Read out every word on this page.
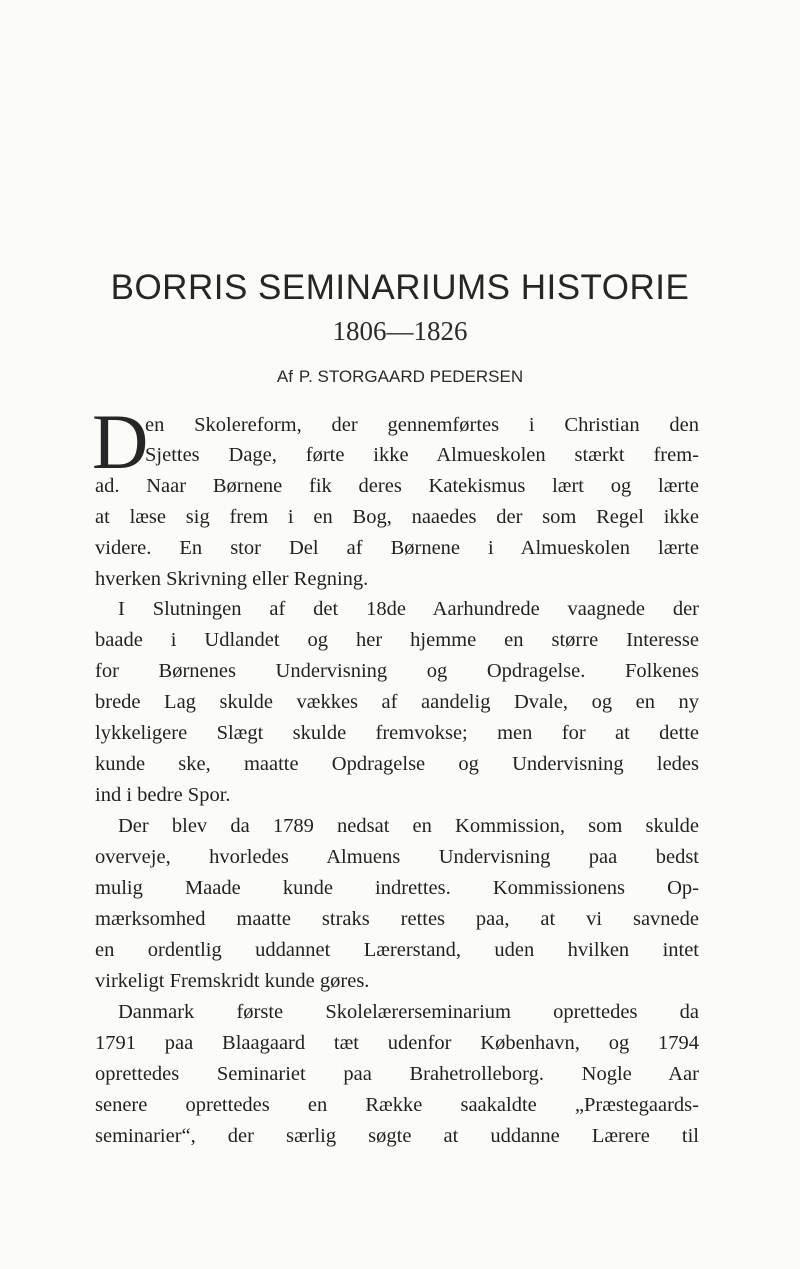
BORRIS SEMINARIUMS HISTORIE
1806—1826
Af P. STORGAARD PEDERSEN
D
en Skolereform, der gennemførtes i Christian den
Sjettes Dage, førte ikke Almueskolen stærkt frem-
ad. Naar Børnene fik deres Katekismus lært og lærte
at læse sig frem i en Bog, naaedes der som Regel ikke
videre. En stor Del af Børnene i Almueskolen lærte
hverken Skrivning eller Regning.
I Slutningen af det 18de Aarhundrede vaagnede der
baade i Udlandet og her hjemme en større Interesse
for Børnenes Undervisning og Opdragelse. Folkenes
brede Lag skulde vækkes af aandelig Dvale, og en ny
lykkeligere Slægt skulde fremvokse; men for at dette
kunde ske, maatte Opdragelse og Undervisning ledes
ind i bedre Spor.
Der blev da 1789 nedsat en Kommission, som skulde
overveje, hvorledes Almuens Undervisning paa bedst
mulig Maade kunde indrettes. Kommissionens Op-
mærksomhed maatte straks rettes paa, at vi savnede
en ordentlig uddannet Lærerstand, uden hvilken intet
virkeligt Fremskridt kunde gøres.
Danmark første Skolelærerseminarium oprettedes da
1791 paa Blaagaard tæt udenfor København, og 1794
oprettedes Seminariet paa Brahetrolleborg. Nogle Aar
senere oprettedes en Række saakaldte „Præstegaards-
seminarier“, der særlig søgte at uddanne Lærere til
